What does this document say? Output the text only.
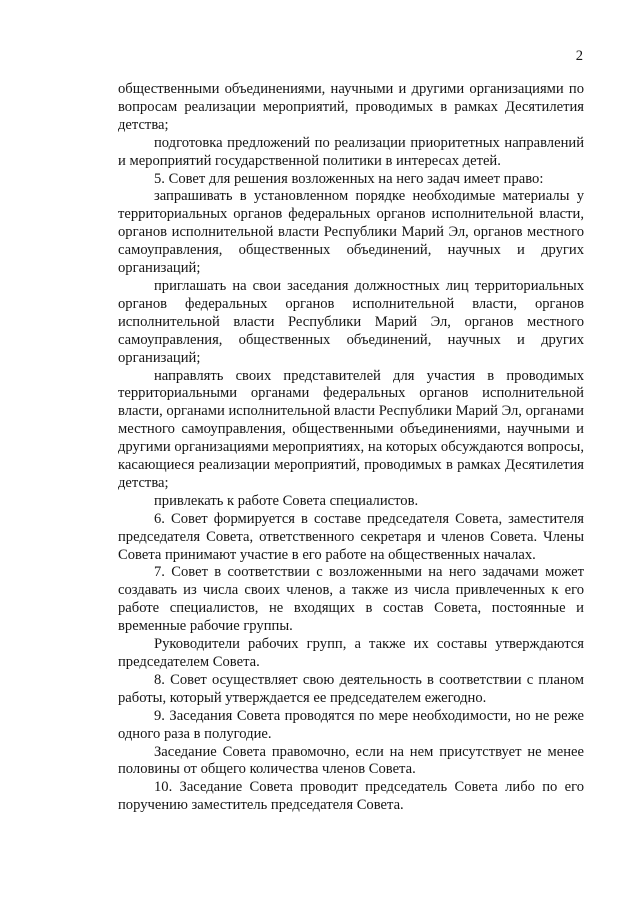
2

общественными объединениями, научными и другими организациями по вопросам реализации мероприятий, проводимых в рамках Десятилетия детства;

подготовка предложений по реализации приоритетных направлений и мероприятий государственной политики в интересах детей.

5. Совет для решения возложенных на него задач имеет право:

запрашивать в установленном порядке необходимые материалы у территориальных органов федеральных органов исполнительной власти, органов исполнительной власти Республики Марий Эл, органов местного самоуправления, общественных объединений, научных и других организаций;

приглашать на свои заседания должностных лиц территориальных органов федеральных органов исполнительной власти, органов исполнительной власти Республики Марий Эл, органов местного самоуправления, общественных объединений, научных и других организаций;

направлять своих представителей для участия в проводимых территориальными органами федеральных органов исполнительной власти, органами исполнительной власти Республики Марий Эл, органами местного самоуправления, общественными объединениями, научными и другими организациями мероприятиях, на которых обсуждаются вопросы, касающиеся реализации мероприятий, проводимых в рамках Десятилетия детства;

привлекать к работе Совета специалистов.

6. Совет формируется в составе председателя Совета, заместителя председателя Совета, ответственного секретаря и членов Совета. Члены Совета принимают участие в его работе на общественных началах.

7. Совет в соответствии с возложенными на него задачами может создавать из числа своих членов, а также из числа привлеченных к его работе специалистов, не входящих в состав Совета, постоянные и временные рабочие группы.

Руководители рабочих групп, а также их составы утверждаются председателем Совета.

8. Совет осуществляет свою деятельность в соответствии с планом работы, который утверждается ее председателем ежегодно.

9. Заседания Совета проводятся по мере необходимости, но не реже одного раза в полугодие.

Заседание Совета правомочно, если на нем присутствует не менее половины от общего количества членов Совета.

10. Заседание Совета проводит председатель Совета либо по его поручению заместитель председателя Совета.
